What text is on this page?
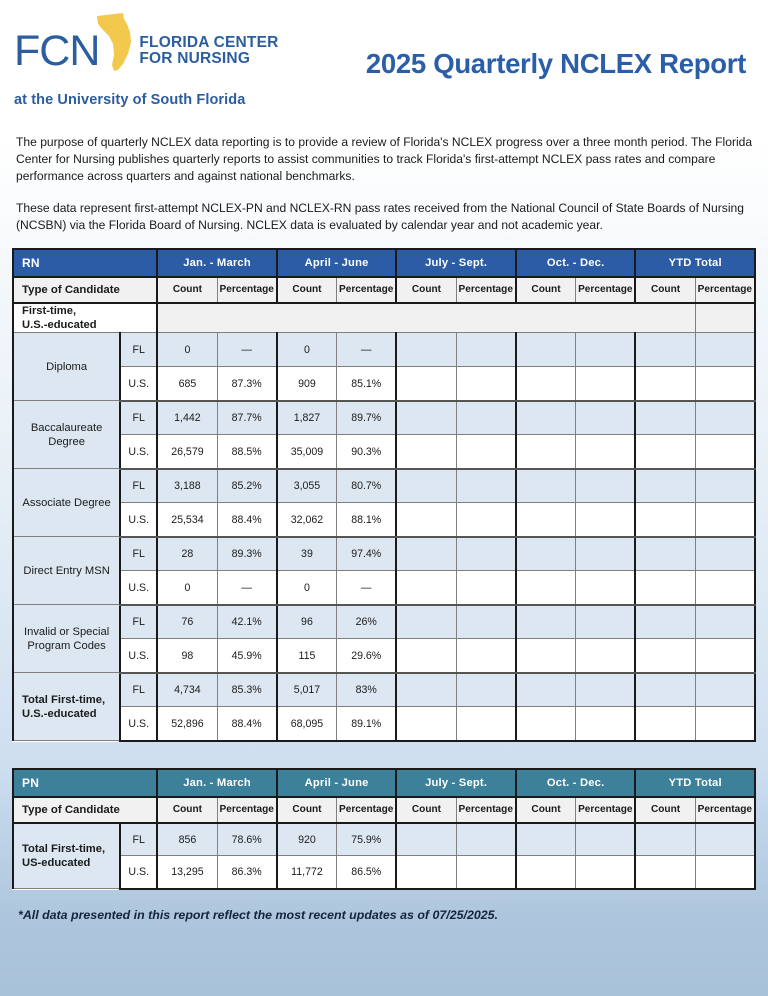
FCN	FLORIDA CENTER
FOR NURSING
at the University of South Florida
2025 Quarterly NCLEX Report

The purpose of quarterly NCLEX data reporting is to provide a review of Florida's NCLEX progress over a three month period. The Florida Center for Nursing publishes quarterly reports to assist communities to track Florida's first-attempt NCLEX pass rates and compare performance across quarters and against national benchmarks.

These data represent first-attempt NCLEX-PN and NCLEX-RN pass rates received from the National Council of State Boards of Nursing (NCSBN) via the Florida Board of Nursing. NCLEX data is evaluated by calendar year and not academic year.

RN		Jan. - March		April - June		July - Sept.		Oct. - Dec.		YTD Total	
Type of Candidate		Count	Percentage	Count	Percentage	Count	Percentage	Count	Percentage	Count	Percentage
First-time,
U.S.-educated											
Diploma	FL	0	—	0	—						
	U.S.	685	87.3%	909	85.1%						
Baccalaureate Degree	FL	1,442	87.7%	1,827	89.7%						
	U.S.	26,579	88.5%	35,009	90.3%						
Associate Degree	FL	3,188	85.2%	3,055	80.7%						
	U.S.	25,534	88.4%	32,062	88.1%						
Direct Entry MSN	FL	28	89.3%	39	97.4%						
	U.S.	0	—	0	—						
Invalid or Special Program Codes	FL	76	42.1%	96	26%						
	U.S.	98	45.9%	115	29.6%						
Total First-time, U.S.-educated	FL	4,734	85.3%	5,017	83%						
	U.S.	52,896	88.4%	68,095	89.1%						
PN		Jan. - March		April - June		July - Sept.		Oct. - Dec.		YTD Total	
Type of Candidate		Count	Percentage	Count	Percentage	Count	Percentage	Count	Percentage	Count	Percentage
Total First-time, US-educated	FL	856	78.6%	920	75.9%						
	U.S.	13,295	86.3%	11,772	86.5%						
*All data presented in this report reflect the most recent updates as of 07/25/2025.
